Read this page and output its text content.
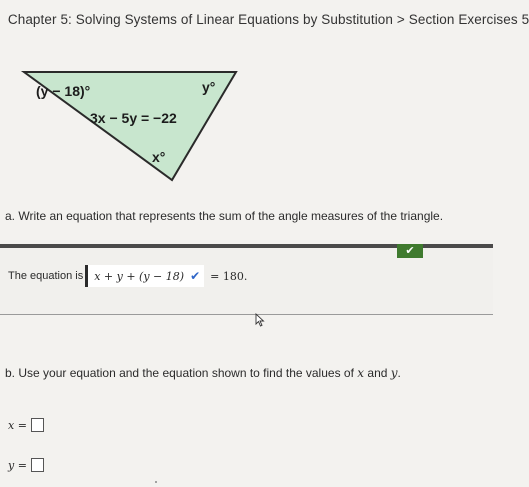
Chapter 5: Solving Systems of Linear Equations by Substitution > Section Exercises 5
(y − 18)°	y°
3x − 5y = −22
x°
a. Write an equation that represents the sum of the angle measures of the triangle.
✔
The equation is x + y + (y − 18) ✔ = 180.
b. Use your equation and the equation shown to find the values of x and y.
x =
y =
